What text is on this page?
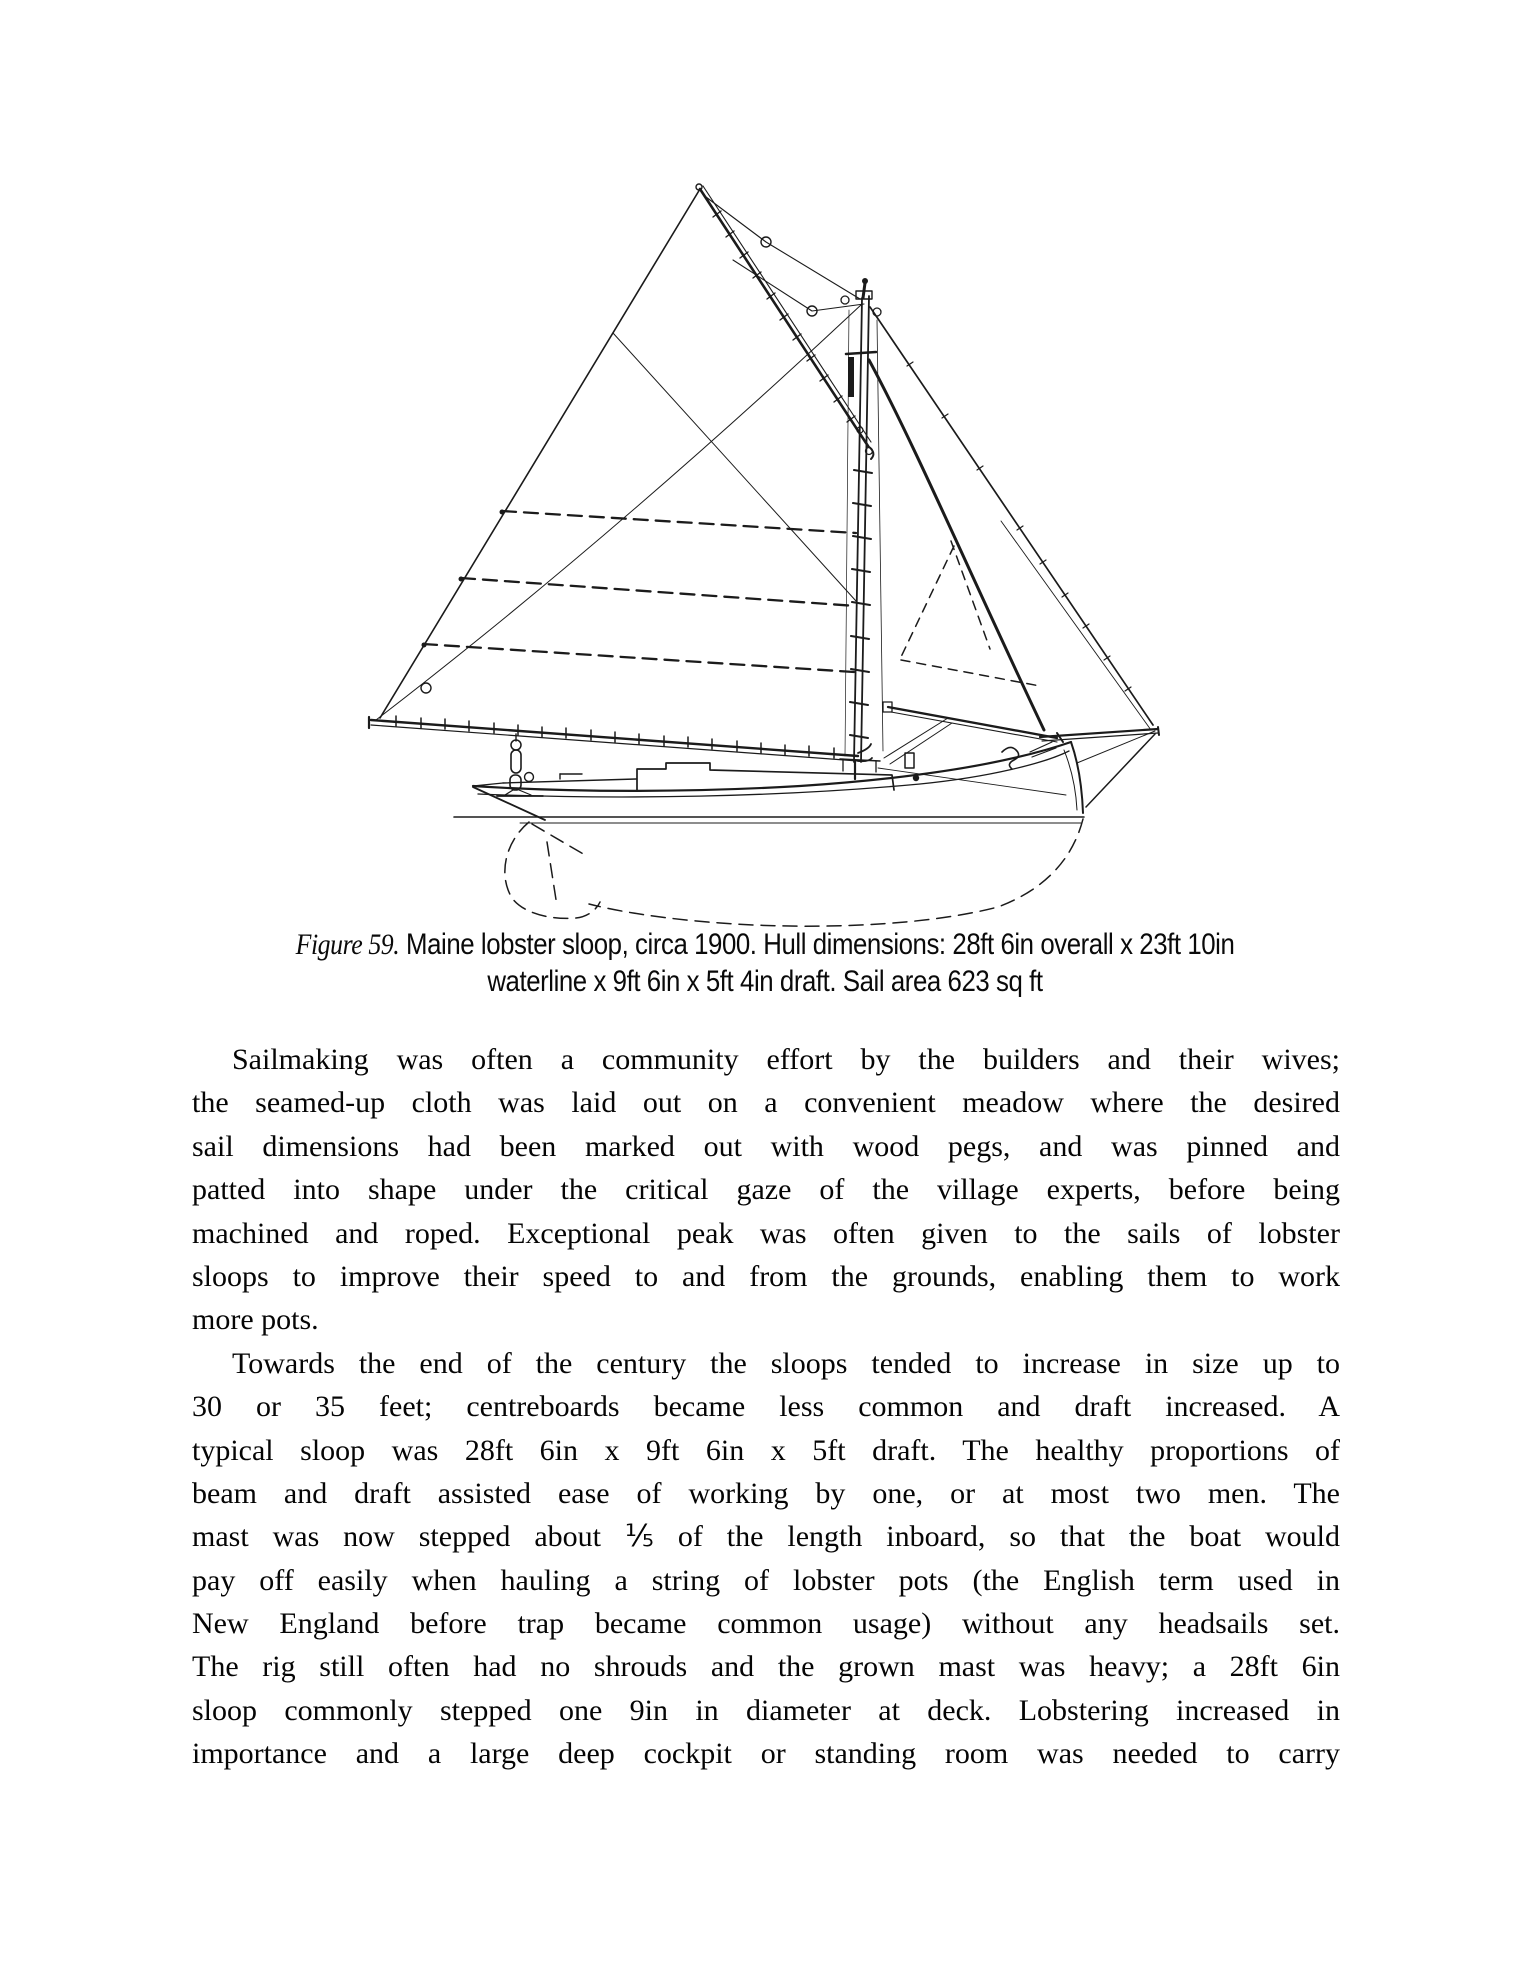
Figure 59. Maine lobster sloop, circa 1900. Hull dimensions: 28ft 6in overall x 23ft 10in
waterline x 9ft 6in x 5ft 4in draft. Sail area 623 sq ft
Sailmaking was often a community effort by the builders and their wives;
the seamed-up cloth was laid out on a convenient meadow where the desired
sail dimensions had been marked out with wood pegs, and was pinned and
patted into shape under the critical gaze of the village experts, before being
machined and roped. Exceptional peak was often given to the sails of lobster
sloops to improve their speed to and from the grounds, enabling them to work
more pots.
Towards the end of the century the sloops tended to increase in size up to
30 or 35 feet; centreboards became less common and draft increased. A
typical sloop was 28ft 6in x 9ft 6in x 5ft draft. The healthy proportions of
beam and draft assisted ease of working by one, or at most two men. The
mast was now stepped about ⅕ of the length inboard, so that the boat would
pay off easily when hauling a string of lobster pots (the English term used in
New England before trap became common usage) without any headsails set.
The rig still often had no shrouds and the grown mast was heavy; a 28ft 6in
sloop commonly stepped one 9in in diameter at deck. Lobstering increased in
importance and a large deep cockpit or standing room was needed to carry
